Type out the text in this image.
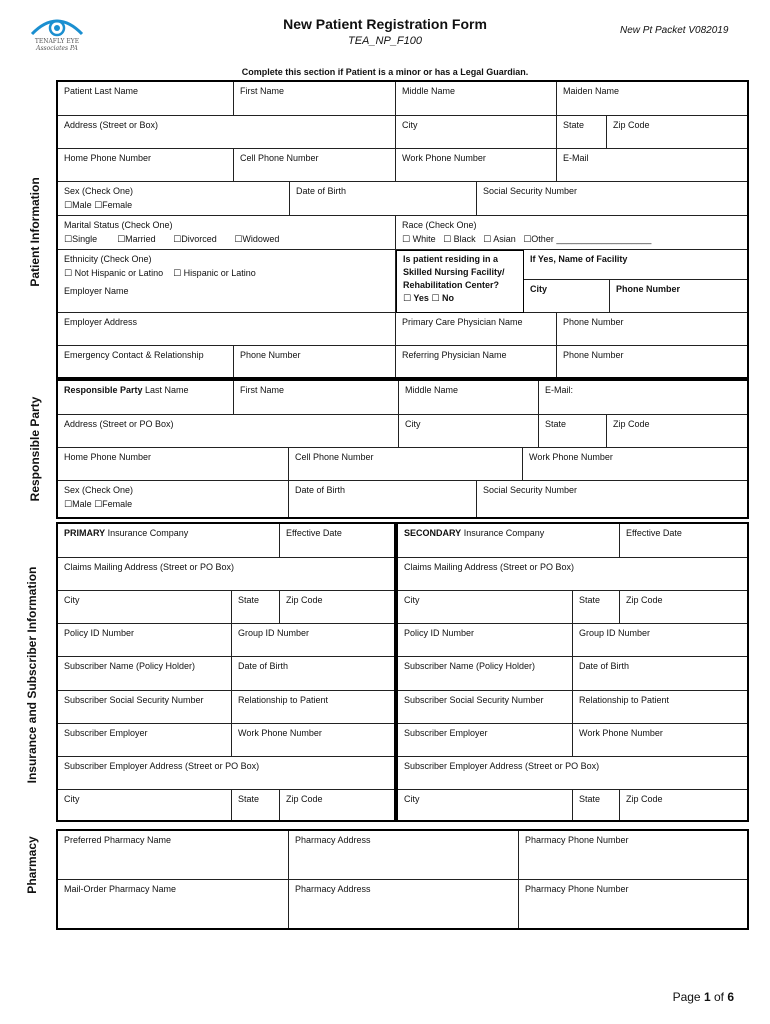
TENAFLY EYE
Associates PA
New Patient Registration Form
TEA_NP_F100
New Pt Packet V082019
Complete this section if Patient is a minor or has a Legal Guardian.
Patient Information
Responsible Party
Insurance and Subscriber Information
Pharmacy
Patient Last Name	First Name	Middle Name	Maiden Name
Address (Street or Box)	City	State	Zip Code
Home Phone Number	Cell Phone Number	Work Phone Number	E-Mail
Sex (Check One)
☐Male ☐Female
Date of Birth	Social Security Number
Marital Status (Check One)
☐Single        ☐Married       ☐Divorced       ☐Widowed
Race (Check One)
☐ White   ☐ Black   ☐ Asian   ☐Other ___________________
Ethnicity (Check One)
☐ Not Hispanic or Latino    ☐ Hispanic or Latino
Is patient residing in a Skilled Nursing Facility/ Rehabilitation Center?
☐ Yes ☐ No
If Yes, Name of Facility
City	Phone Number
Employer Name
Employer Address	Primary Care Physician Name	Phone Number
Emergency Contact & Relationship	Phone Number	Referring Physician Name	Phone Number
Responsible Party Last Name	First Name	Middle Name	E-Mail:
Address (Street or PO Box)	City	State	Zip Code
Home Phone Number	Cell Phone Number	Work Phone Number
Sex (Check One)
☐Male ☐Female
Date of Birth	Social Security Number
PRIMARY Insurance Company	Effective Date
Claims Mailing Address (Street or PO Box)
City	State	Zip Code
Policy ID Number	Group ID Number
Subscriber Name (Policy Holder)	Date of Birth
Subscriber Social Security Number	Relationship to Patient
Subscriber Employer	Work Phone Number
Subscriber Employer Address (Street or PO Box)
City	State	Zip Code
SECONDARY Insurance Company	Effective Date
Claims Mailing Address (Street or PO Box)
City	State	Zip Code
Policy ID Number	Group ID Number
Subscriber Name (Policy Holder)	Date of Birth
Subscriber Social Security Number	Relationship to Patient
Subscriber Employer	Work Phone Number
Subscriber Employer Address (Street or PO Box)
City	State	Zip Code
Preferred Pharmacy Name	Pharmacy Address	Pharmacy Phone Number
Mail-Order Pharmacy Name	Pharmacy Address	Pharmacy Phone Number
Page 1 of 6
